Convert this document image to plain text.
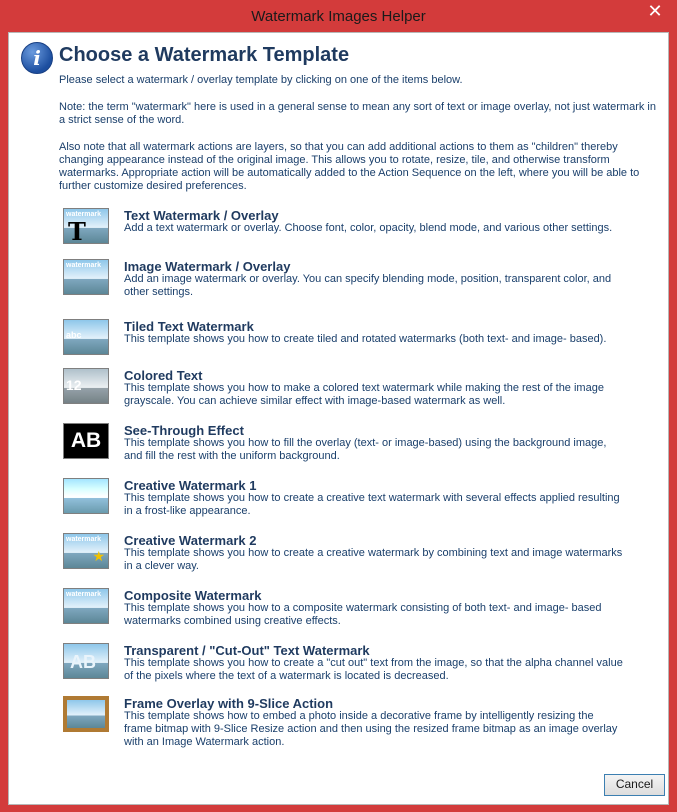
Watermark Images Helper	✕
i Choose a Watermark Template

Please select a watermark / overlay template by clicking on one of the items below.

Note: the term "watermark" here is used in a general sense to mean any sort of text or image overlay, not just watermark in a strict sense of the word.

Also note that all watermark actions are layers, so that you can add additional actions to them as "children" thereby changing appearance instead of the original image. This allows you to rotate, resize, tile, and otherwise transform watermarks. Appropriate action will be automatically added to the Action Sequence on the left, where you will be able to further customize desired preferences.

watermark
T
Text Watermark / Overlay
Add a text watermark or overlay. Choose font, color, opacity, blend mode, and various other settings.
watermark Image Watermark / Overlay
Add an image watermark or overlay. You can specify blending mode, position, transparent color, and other settings.
abc
Tiled Text Watermark
This template shows you how to create tiled and rotated watermarks (both text- and image- based).
12
Colored Text
This template shows you how to make a colored text watermark while making the rest of the image grayscale. You can achieve similar effect with image-based watermark as well.
AB	See-Through Effect
This template shows you how to fill the overlay (text- or image-based) using the background image, and fill the rest with the uniform background.
Creative Watermark 1
This template shows you how to create a creative text watermark with several effects applied resulting in a frost-like appearance.
watermark
★
Creative Watermark 2
This template shows you how to create a creative watermark by combining text and image watermarks in a clever way.
watermark Composite Watermark
This template shows you how to a composite watermark consisting of both text- and image- based watermarks combined using creative effects.
AB
Transparent / "Cut-Out" Text Watermark
This template shows you how to create a "cut out" text from the image, so that the alpha channel value of the pixels where the text of a watermark is located is decreased.
Frame Overlay with 9-Slice Action
This template shows how to embed a photo inside a decorative frame by intelligently resizing the frame bitmap with 9-Slice Resize action and then using the resized frame bitmap as an image overlay with an Image Watermark action.
Cancel
